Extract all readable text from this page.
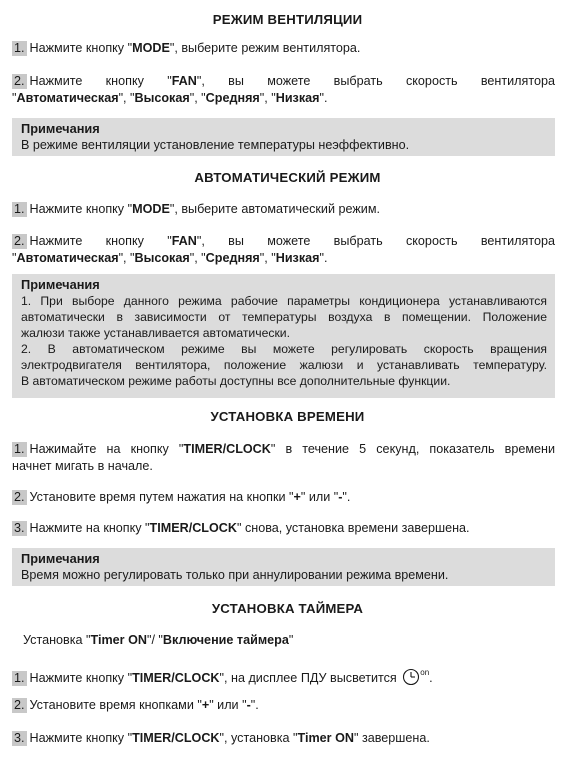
РЕЖИМ ВЕНТИЛЯЦИИ
1. Нажмите кнопку "MODE", выберите режим вентилятора.
2. Нажмите кнопку "FAN", вы можете выбрать скорость вентилятора
"Автоматическая", "Высокая", "Средняя", "Низкая".
Примечания
В режиме вентиляции установление температуры неэффективно.
АВТОМАТИЧЕСКИЙ РЕЖИМ
1. Нажмите кнопку "MODE", выберите автоматический режим.
2. Нажмите кнопку "FAN", вы можете выбрать скорость вентилятора
"Автоматическая", "Высокая", "Средняя", "Низкая".
Примечания
1. При выборе данного режима рабочие параметры кондиционера устанавливаются
автоматически в зависимости от температуры воздуха в помещении. Положение
жалюзи также устанавливается автоматически.
2. В автоматическом режиме вы можете регулировать скорость вращения
электродвигателя вентилятора, положение жалюзи и устанавливать температуру.
В автоматическом режиме работы доступны все дополнительные функции.
УСТАНОВКА ВРЕМЕНИ
1. Нажимайте на кнопку "TIMER/CLOCK" в течение 5 секунд, показатель времени
начнет мигать в начале.
2. Установите время путем нажатия на кнопки "+" или "-".
3. Нажмите на кнопку "TIMER/CLOCK" снова, установка времени завершена.
Примечания
Время можно регулировать только при аннулировании режима времени.
УСТАНОВКА ТАЙМЕРА
Установка "Timer ON"/ "Включение таймера"
1. Нажмите кнопку "TIMER/CLOCK", на дисплее ПДУ высветится	$^{on}$.
2. Установите время кнопками "+" или "-".
3. Нажмите кнопку "TIMER/CLOCK", установка "Timer ON" завершена.
